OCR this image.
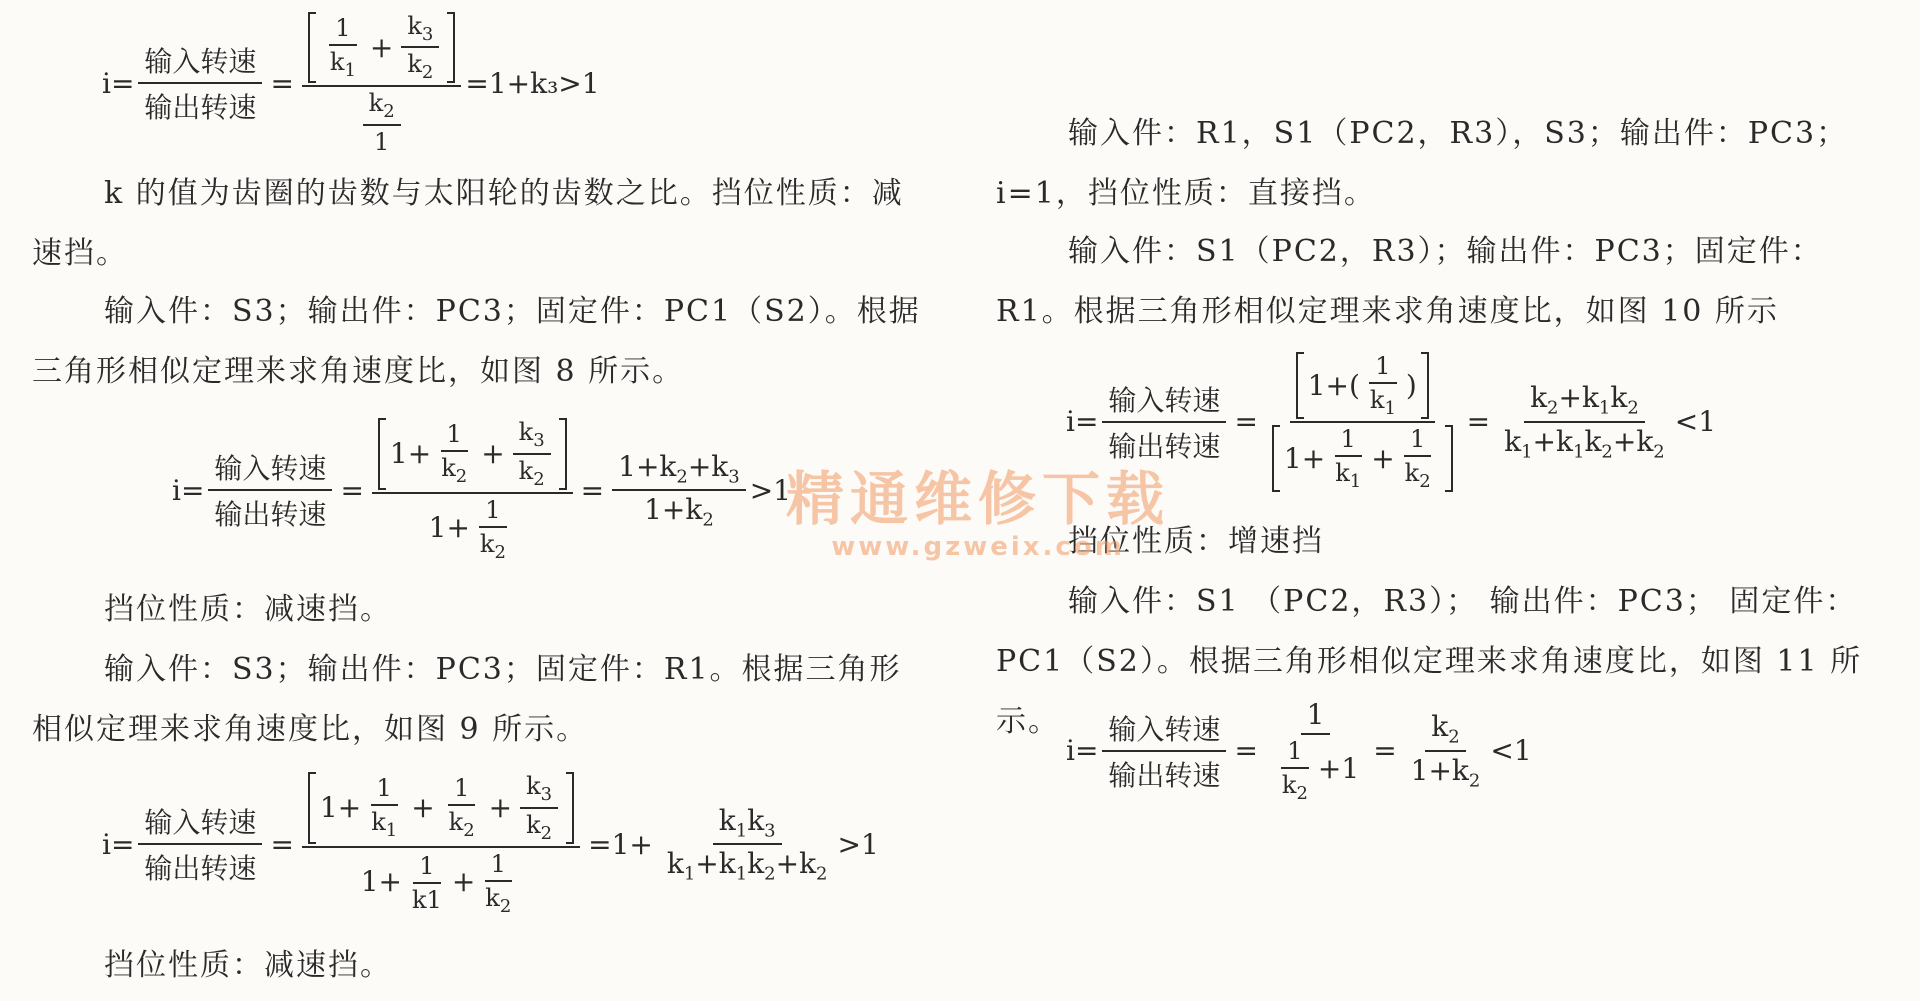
$i= \frac{\text{输入转速}}{\text{输出转速}} = \frac{\frac{1}{k_1} + \frac{k_3}{k_2}}{\frac{k_2}{1}} =1+k_3>1$

k 的值为齿圈的齿数与太阳轮的齿数之比。挡位性质：减速挡。

输入件：S3；输出件：PC3；固定件：PC1（S2）。根据三角形相似定理来求角速度比，如图 8 所示。

$i= \frac{\text{输入转速}}{\text{输出转速}} = \frac{1+ \frac{1}{k_2} + \frac{k_3}{k_2}}{1+ \frac{1}{k_2}} = \frac{1+k_2+k_3}{1+k_2} >1$

挡位性质：减速挡。

输入件：S3；输出件：PC3；固定件：R1。根据三角形相似定理来求角速度比，如图 9 所示。

$i= \frac{\text{输入转速}}{\text{输出转速}}$ =
$1+ \frac{1}{k_1} + \frac{1}{k_2} + \frac{k_3}{k_2}$
$1+ \frac{1}{k1} + \frac{1}{k_2}$
$=1+ \frac{k_1k_3}{k_1+k_1k_2+k_2} >1$

挡位性质：减速挡。

输入件：R1，S1（PC2，R3），S3；输出件：PC3；i=1，挡位性质：直接挡。

输入件：S1（PC2，R3）；输出件：PC3；固定件：R1。根据三角形相似定理来求角速度比，如图 10 所示

$i= \frac{\text{输入转速}}{\text{输出转速}} = \frac{1+( \frac{1}{k_1} )}{1+ \frac{1}{k_1} + \frac{1}{k_2}} = \frac{k_2+k_1k_2}{k_1+k_1k_2+k_2} <1$

挡位性质：增速挡

输入件：S1 （PC2，R3）； 输出件：PC3； 固定件：PC1（S2）。根据三角形相似定理来求角速度比，如图 11 所示。

$i= \frac{\text{输入转速}}{\text{输出转速}} = \frac{1}{\frac{1}{k_2} +1} = \frac{k_2}{1+k_2} <1$
精通维修下载
www.gzweix.com
